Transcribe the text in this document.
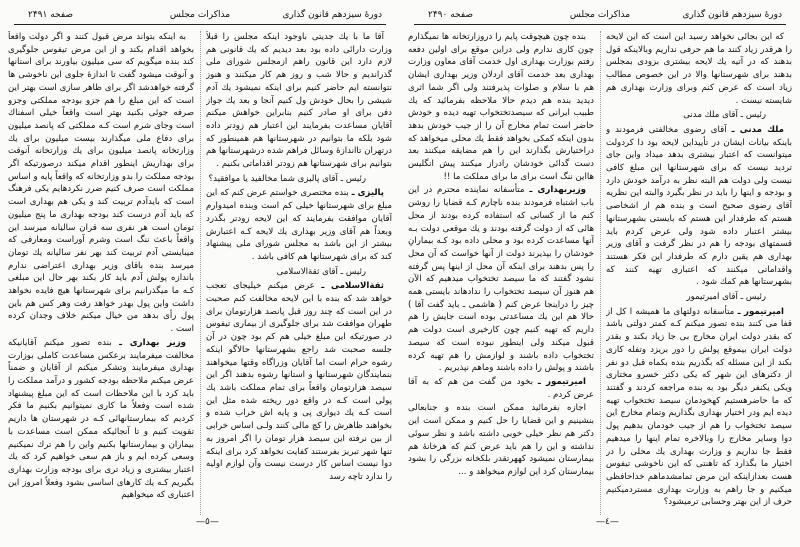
دورهٔ سیزدهم قانون گذاری
مذاکرات مجلس
صفحه ۲۴۹۱

آقا ما با یك جدیتی باوجود اینکه مجلس را قبلاً وزارت دارائی داده بود بعد دیدیم که یك قانونی هم لازم دارد این قانون راهم ازمجلس شورای ملی گذراندیم و حالا شب و روز هم کار میکنند و هنوز نتوانسته ایم حاضر کنیم برای اینکه نمیشود یك آدم شیشی را بحال خودش ول کنیم آنجا و بعد یك جواز دفن برای او صادر کنیم بنابراین خواهش میکنم آقایان مساعدت بفرمایند این اعتبار هم زودتر داده شود بلکه ما بتوانیم در شهرستانها هم همینطور که درتهران تااندازهٔ وسائل فراهم شده درشهرستانها هم بتوانیم برای شهرستانها هم زودتر اقداماتی بکنیم .

رئیس ـ آقای پالیزی شما مخالفید یا موافقید؟

پالیزی ـ بنده مختصری خواستم عرض کنم که این مبلغ برای شهرستانها خیلی کم است وبنده امیدوارم آقایان موافقت بفرمایند که این لایحه زودتر بگذرد وبعداً هم آقای وزیر بهداری یك لایحه کـه اعتبارش بیشتر از این باشد به مجلس شورای ملی پیشنهاد کند که برای شهرستانها هم کافی باشد .

رئیس ـ آقای ثقةالاسلامی

ثقةالاسلامی ـ عرض میکنم خیلیجای تعجب خواهد شد که بنده با این لایحه مخالفت کنم صحبت در این است که چند روز قبل پانصد هزارتومان برای طهران موافقت شد برای جلوگیری از بیماری تیفوس در صورتیکه این مبلغ خیلی هم کم بود چون در آن جلسه صحبت شد راجع بشهرستانها حالاگو اینکه رشوه حرام است اما آقایان وزراگاه وقتها میخواهند بنمایندگان شهرستانها و استانها رشوه بدهند اگر این سیصد هزارتومان واقعاً برای تمام مملکت باشد یك پولی است کـه در واقع دور ریخته شده مثل این است کـه یك دیواری پی و پایه اش خراب شده و بخواهند ظاهرش را کچ مالی کنند ولـی اساس خرابی از بین نرفته این سیصد هزار تومان را اگر امروز به تنها شهر تبریز بفرستند کفایت نخواهد کرد برای اینکه دوا نیست اساس کار درست نیست وآن لوازم اولیه را ندارد تاچه رسد

به اینکه بتواند مرض قبول کنند و اگر دولت واقعاً بخواهد اقدام بکند و از این مرض تیفوس جلوگیری کند بنده میگویم که سی میلیون بیاورند برای استانها و آنوقت میشود گفت تا اندازهٔ جلوی این ناخوشی ها گرفته خواهدشد اگر برای ظاهر سازی است بهتر این است که این مبلغ را هم جزو بودجه مملکتی وجزو صرفه جوئی بکنید بهتر است واقعاً خیلی اسفناك است وجای شرم است کـه مملکتی که پانصد میلیون برای دفاع ملی میگذارند بیست میلیون برای یك وزارتخانه پانصد میلیون برای یك وزارتخانه آنوقت برای بهداریش اینطور اقدام میکند درصورتیکه اگر بودجه مملکت را بدو وزارتخانه که واقعاً پایه و اساس مملکت است صرف کنیم ضرر نکردهایم یکی فرهنگ است که بایدآدم تربیت کند و یکی هم بهداری است که باید آدم درست کند بودجه بهداری ما پنج میلیون تومان است هر نفری سه قران سالیانه میرسد این واقعاً باعث ننگ است وشرم آوراست ومعارفی که میبایستی آدم تربیت کند بهر نفر سالیانه یك تومان میرسد بنده باقای وزیر بهداری اعتراضی ندارم باندازه پولش آدم باید کار بکند بهر حال این مبلغی کـه ما میگذرانیم برای شهرستانها هیچ فایده نخواهد داشت واین پول بهدر خواهد رفت وهر کس هم باین پول رأی بدهد من خیال میکنم خلاف وجدان کرده است .

وزیر بهداری ـ بنده تصور میکنم آقایانیکه مخالفت میفرمایند برعکس مساعدت کاملی بوزارت بهداری میفرمایند وتشکر میکنم از آقایان و ضمناً عرض میکنم ملاحظه بودجه کشور و درآمد مملکت را باید کرد با این ملاحظات است که این مبلغ پیشنهاد شده است وفعلاً ما کاری نمیتوانیم بکنیم ما فکر کردیم که بیمارستانهائی کـه در شهرستان ها داریم تقویت کنیم و تا آنجائیکه ممکن است مساعدت با بیماران و بیمارستانها بکنیم واین را هم ترك نمیکنیم وسعی کرده ایم و باز هم سعی خواهیم کرد که یك اعتبار بیشتری و زیاد تری برای بودجه وزارت بهداری بگیریم کـه یك کارهای اساسی بشود وفعلاً امروز این اعتباری که میخواهیم

—٥—
دورهٔ سیزدهم قانون گذاری
مذاکرات مجلس
صفحه ۲۴۹۰

که این بجائی نخواهد رسید این است که این لایحه را هرقدر زیاد کنند ما هم حرفی نداریم وبالاینکه قول بدهند که در آتیه یك لایحه بیشتری بزودی بمجلس بدهند برای شهرستانها والا در این خصوص مطالب زیاد است که عرض کنم وبرای وزارت بهداری هم شایسته نیست .

رئیس ـ آقای ملك مدنی

ملك مدنی ـ آقای رضوی مخالفتی فرمودند و باینکه بیانات ایشان در تأییداین لایحه بود دا کردولت میتوانست که اعتبار بیشتری بدهد میداد واین جای تردید نیست که برای شهرستانها این مبلغ کافی نیست ولی دولت هم البته نظر به درآمد خودش دارد و بودجه و اینها را باید در نظر بگیرد والبته این نظریه آقای رضوی صحیح است و بنده هم از اشخاصی هستم که طرفدار این هستم که بایستی بشهرستانها بیشتر اعتبار داده شود ولی عرض کردم باید قسمتهای بودجه را هم در نظر گرفت و آقای وزیر بهداری هم یقین دارم که طرفدار این فکر هستند واقداماتی میکنند که اعتباری تهیه کنند که بشهرستانها هم کمك شود .

رئیس ـ آقای امیرتیمور

امیرتیمور ـ متأسفانه دولتهای ما همیشه ا کل از قفا می کنند بنده تصور میکنم کـه کمتر دولتی باشد که بقدر دولت ایران مخارج بی جا زیاد بکند و بقدر دولت ایران بیموقع پولش را دور بریزد وتفله کاری بکند از این مسئله که بگذریم بنده بکماه قبل دو نفر از دکترهای این شهر که یکی دکتر خسرو مختاری ویکی یکنفر دیگر بود به بنده مراجعه کردند و گفتند که ما حاضرهستیم کهخودمان سیصد تختخواب تهیه دیده ایم ودر اختیار بهداری بگذاریم وتمام مخارج این سیصد تختخواب را هم از جیب خودمان بدهیم پول دوا وسایر مخارج را وبالاخره تمام اینها را میدهیم فقط جا نداریم و وزارت بهداری یك محلی را در اختیار ما بگذارد که تاهنتی که این ناخوشی تیفوس هست بعدازاینکه این مرض تمامشدماهم خداحافظی میکنیم و جا راهم به وزارت بهداری مستردمیکنیم حرف از این بهتر وحسابی ترمیشود؟

بنده چون هیچوقت پایم را دروزارتخانه ها نمیگذارم چون کاری ندارم ولی دراین موقع برای اولین دفعه رفتم بوزارت بهداری اول خدمت آقای معاون وزارت بهداری بعد خدمت آقای اردلان وزیر بهداری ایشان هم با سلام و صلوات پذیرفتند ولی اگر شما اثری دیدید بنده هم دیدم حالا ملاحظه بفرمائید که یك طبیب ایرانی که سیصدتختخواب تهیه دیده و خودش حاضر است تمام مخارج آن را از جیب خودش بدهد بدون اینکه کمکی بخواهد فقط یك محلی میخواهد که دراختیارش بگذارند این را هم مضایقه میکنند بعد دست گدائی خودشان رادراز میکنند پیش انگلیس هااین ننگ است برای ما برای مملکت ما !!

وزیربهداری ـ متأسفانه نماینده محترم در این باب اشتباه فرمودند بنده ناچارم کـه قضایا را روشن کنم ما از کسانی که استفاده کرده بودند از محل هائی که از دولت گرفته بودند و یك موقعی دولت بـه آنها مساعدت کرده بود و محلی داده بود کـه بیمارانِ خودشان را بپذیرند دولت از آنها خواست که آن محل را پس بدهند برای اینکه آن محل از اینها پس گرفته نشود گفتند که ما سیصد تختخواب میدهیم که الآن هم هنوز آن سیصد تختخواب را ندادهاند بایستی همه چیز را دراینجا عرض کنم ( هاشمی ـ باید گفت آقا ) حالا هم این یك مساعدتی بوده است جایش را هم داریم که تهیه کنیم چون کارخیری است دولت هم قبول میکند ولی اینطور نبوده است که سیصد تختخواب داده باشند و لوازمش را هم تهیه کرده باشند و پولش را داده باشند وماهم نپذیریم .

امیرتیمور ـ بخود من گفت من هم که به آقا عرض کردم .

اجازه بفرمائید ممکن است بنده و جنابعالی بنشینیم و این قضایا را حل کنیم و ممکن است این دکتر هم نظر خیلی خوبی داشته باشد و نظر سوئی نداشته و این را هم باید عرض کنم که هرخانهٔ هم بیمارستان نمیشود کههرتقدر بلکخانه بزرگی را بشود بیمارستان کرد این لوازم میخواهد و ...

—٤—
